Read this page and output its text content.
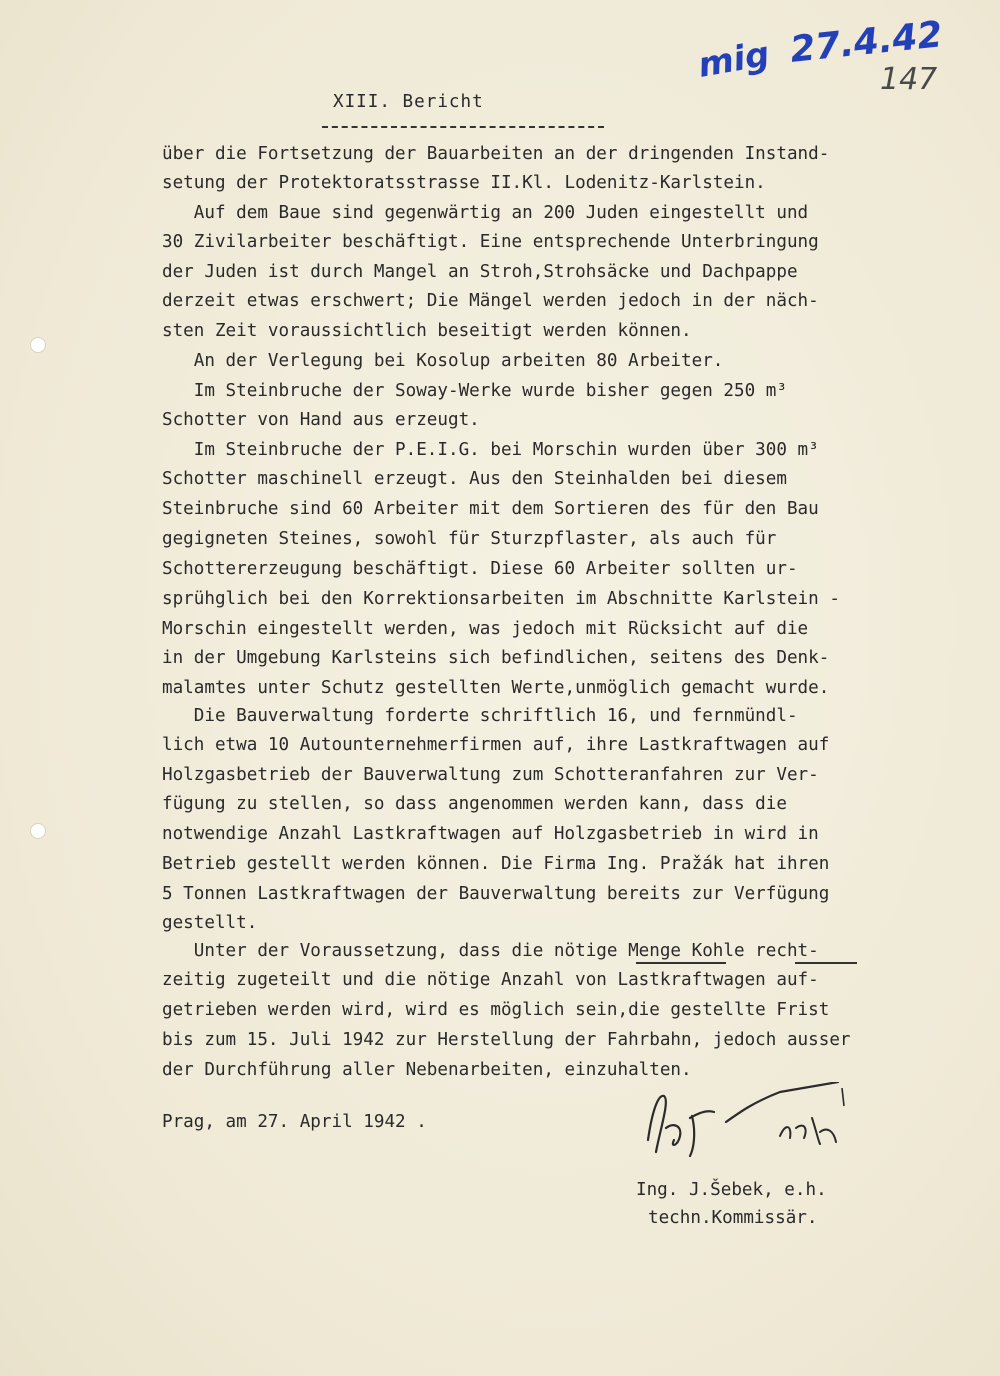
mig 27.4.42
147
XIII. Bericht
über die Fortsetzung der Bauarbeiten an der dringenden Instand-
setung der Protektoratsstrasse II.Kl. Lodenitz-Karlstein.
Auf dem Baue sind gegenwärtig an 200 Juden eingestellt und
30 Zivilarbeiter beschäftigt. Eine entsprechende Unterbringung
der Juden ist durch Mangel an Stroh,Strohsäcke und Dachpappe
derzeit etwas erschwert; Die Mängel werden jedoch in der näch-
sten Zeit voraussichtlich beseitigt werden können.
An der Verlegung bei Kosolup arbeiten 80 Arbeiter.
Im Steinbruche der Soway-Werke wurde bisher gegen 250 m³
Schotter von Hand aus erzeugt.
Im Steinbruche der P.E.I.G. bei Morschin wurden über 300 m³
Schotter maschinell erzeugt. Aus den Steinhalden bei diesem
Steinbruche sind 60 Arbeiter mit dem Sortieren des für den Bau
gegigneten Steines, sowohl für Sturzpflaster, als auch für
Schottererzeugung beschäftigt. Diese 60 Arbeiter sollten ur-
sprühglich bei den Korrektionsarbeiten im Abschnitte Karlstein -
Morschin eingestellt werden, was jedoch mit Rücksicht auf die
in der Umgebung Karlsteins sich befindlichen, seitens des Denk-
malamtes unter Schutz gestellten Werte,unmöglich gemacht wurde.
Die Bauverwaltung forderte schriftlich 16, und fernmündl-
lich etwa 10 Autounternehmerfirmen auf, ihre Lastkraftwagen auf
Holzgasbetrieb der Bauverwaltung zum Schotteranfahren zur Ver-
fügung zu stellen, so dass angenommen werden kann, dass die
notwendige Anzahl Lastkraftwagen auf Holzgasbetrieb in wird in
Betrieb gestellt werden können. Die Firma Ing. Pražák hat ihren
5 Tonnen Lastkraftwagen der Bauverwaltung bereits zur Verfügung
gestellt.
Unter der Voraussetzung, dass die nötige Menge Kohle recht-
zeitig zugeteilt und die nötige Anzahl von Lastkraftwagen auf-
getrieben werden wird, wird es möglich sein,die gestellte Frist
bis zum 15. Juli 1942 zur Herstellung der Fahrbahn, jedoch ausser
der Durchführung aller Nebenarbeiten, einzuhalten.
Prag, am 27. April 1942 .
Ing. J.Šebek, e.h.
techn.Kommissär.
